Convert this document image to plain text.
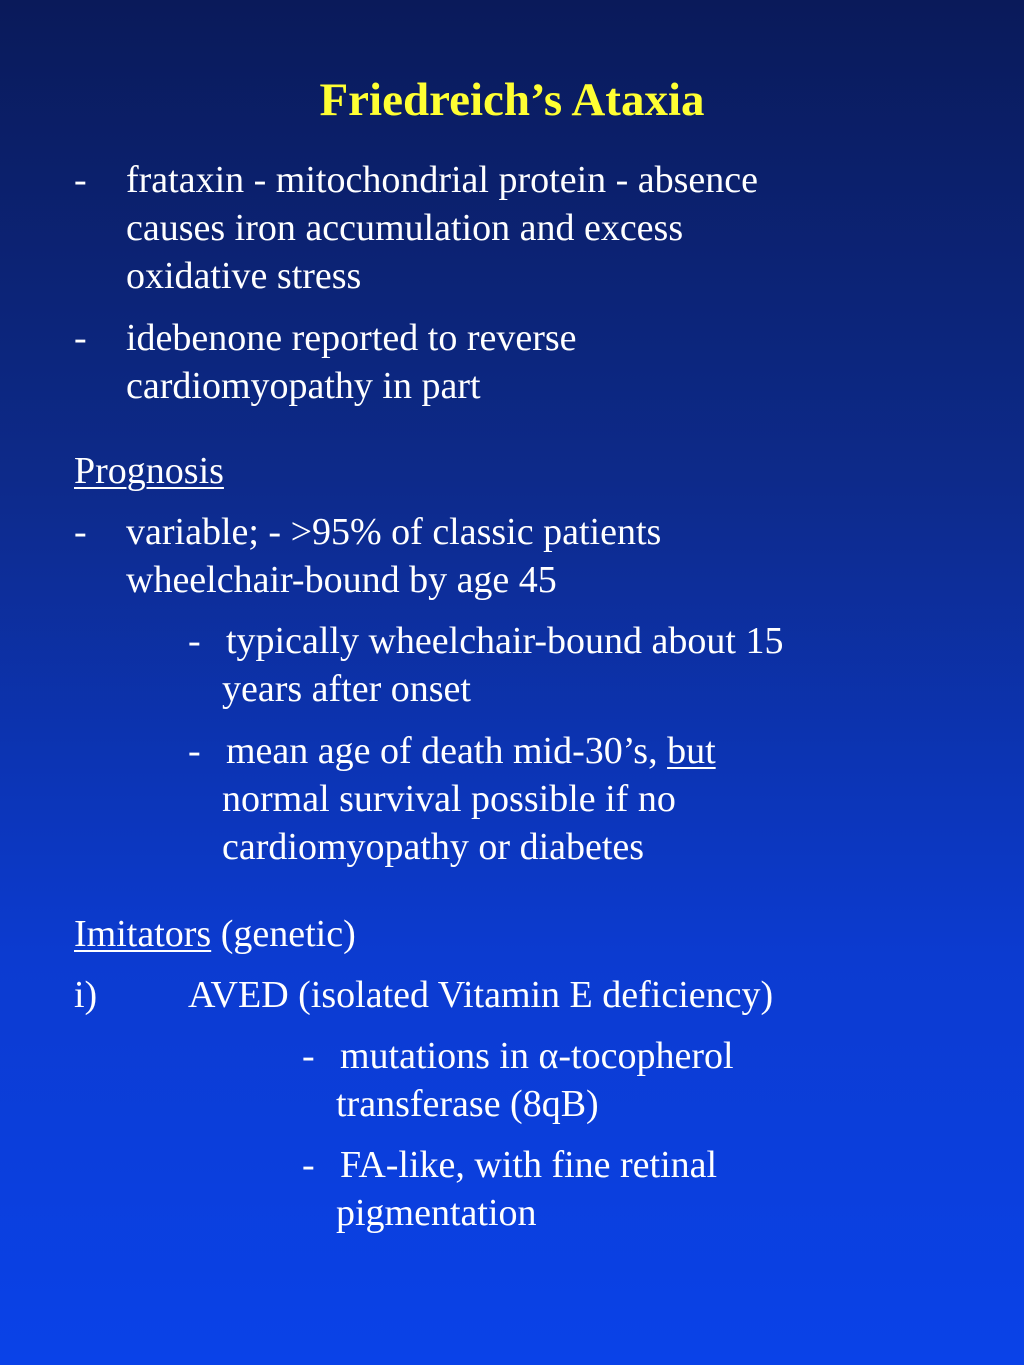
Friedreich’s Ataxia
- frataxin - mitochondrial protein - absence
causes iron accumulation and excess
oxidative stress
- idebenone reported to reverse
cardiomyopathy in part
Prognosis
- variable; - >95% of classic patients
wheelchair-bound by age 45
- typically wheelchair-bound about 15
years after onset
- mean age of death mid-30’s, but
normal survival possible if no
cardiomyopathy or diabetes
Imitators (genetic)
i) AVED (isolated Vitamin E deficiency)
- mutations in α-tocopherol
transferase (8qB)
- FA-like, with fine retinal
pigmentation
